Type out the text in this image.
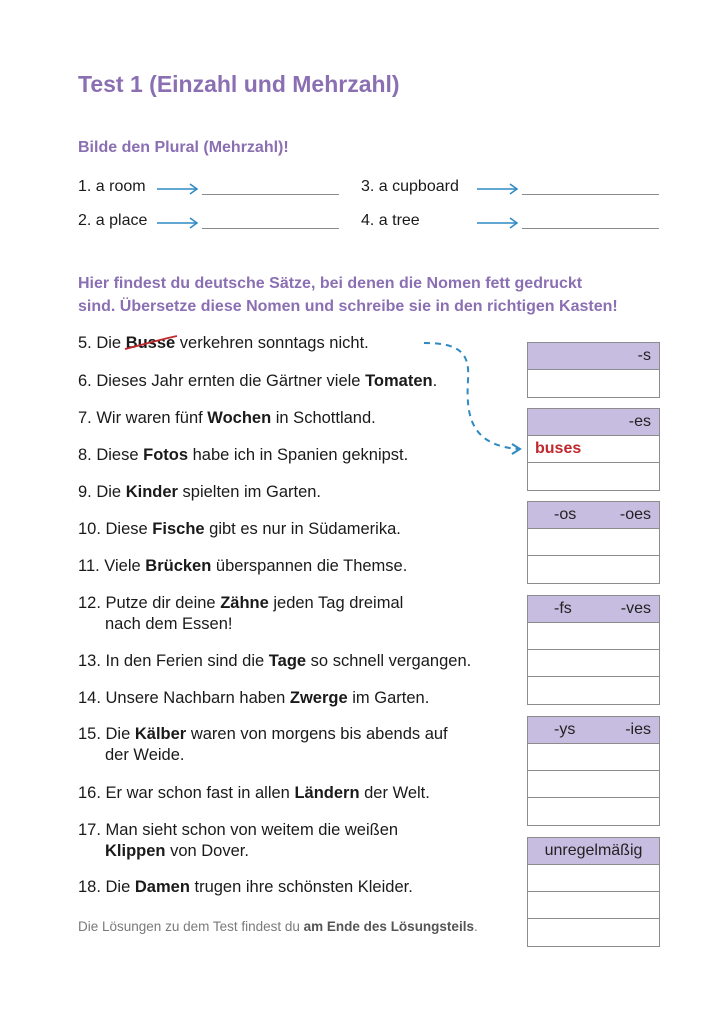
Test 1 (Einzahl und Mehrzahl)
Bilde den Plural (Mehrzahl)!
1. a room
2. a place
3. a cupboard
4. a tree
Hier findest du deutsche Sätze, bei denen die Nomen fett gedruckt
sind. Übersetze diese Nomen und schreibe sie in den richtigen Kasten!
5. Die Busse
verkehren sonntags nicht.
6. Dieses Jahr ernten die Gärtner viele Tomaten.
7. Wir waren fünf Wochen in Schottland.
8. Diese Fotos habe ich in Spanien geknipst.
9. Die Kinder spielten im Garten.
10. Diese Fische gibt es nur in Südamerika.
11. Viele Brücken überspannen die Themse.
12. Putze dir deine Zähne jeden Tag dreimal
nach dem Essen!
13. In den Ferien sind die Tage so schnell vergangen.
14. Unsere Nachbarn haben Zwerge im Garten.
15. Die Kälber waren von morgens bis abends auf
der Weide.
16. Er war schon fast in allen Ländern der Welt.
17. Man sieht schon von weitem die weißen
Klippen von Dover.
18. Die Damen trugen ihre schönsten Kleider.
-s
-es
buses
-os	-oes
-fs	-ves
-ys	-ies
unregelmäßig
Die Lösungen zu dem Test findest du am Ende des Lösungsteils.
